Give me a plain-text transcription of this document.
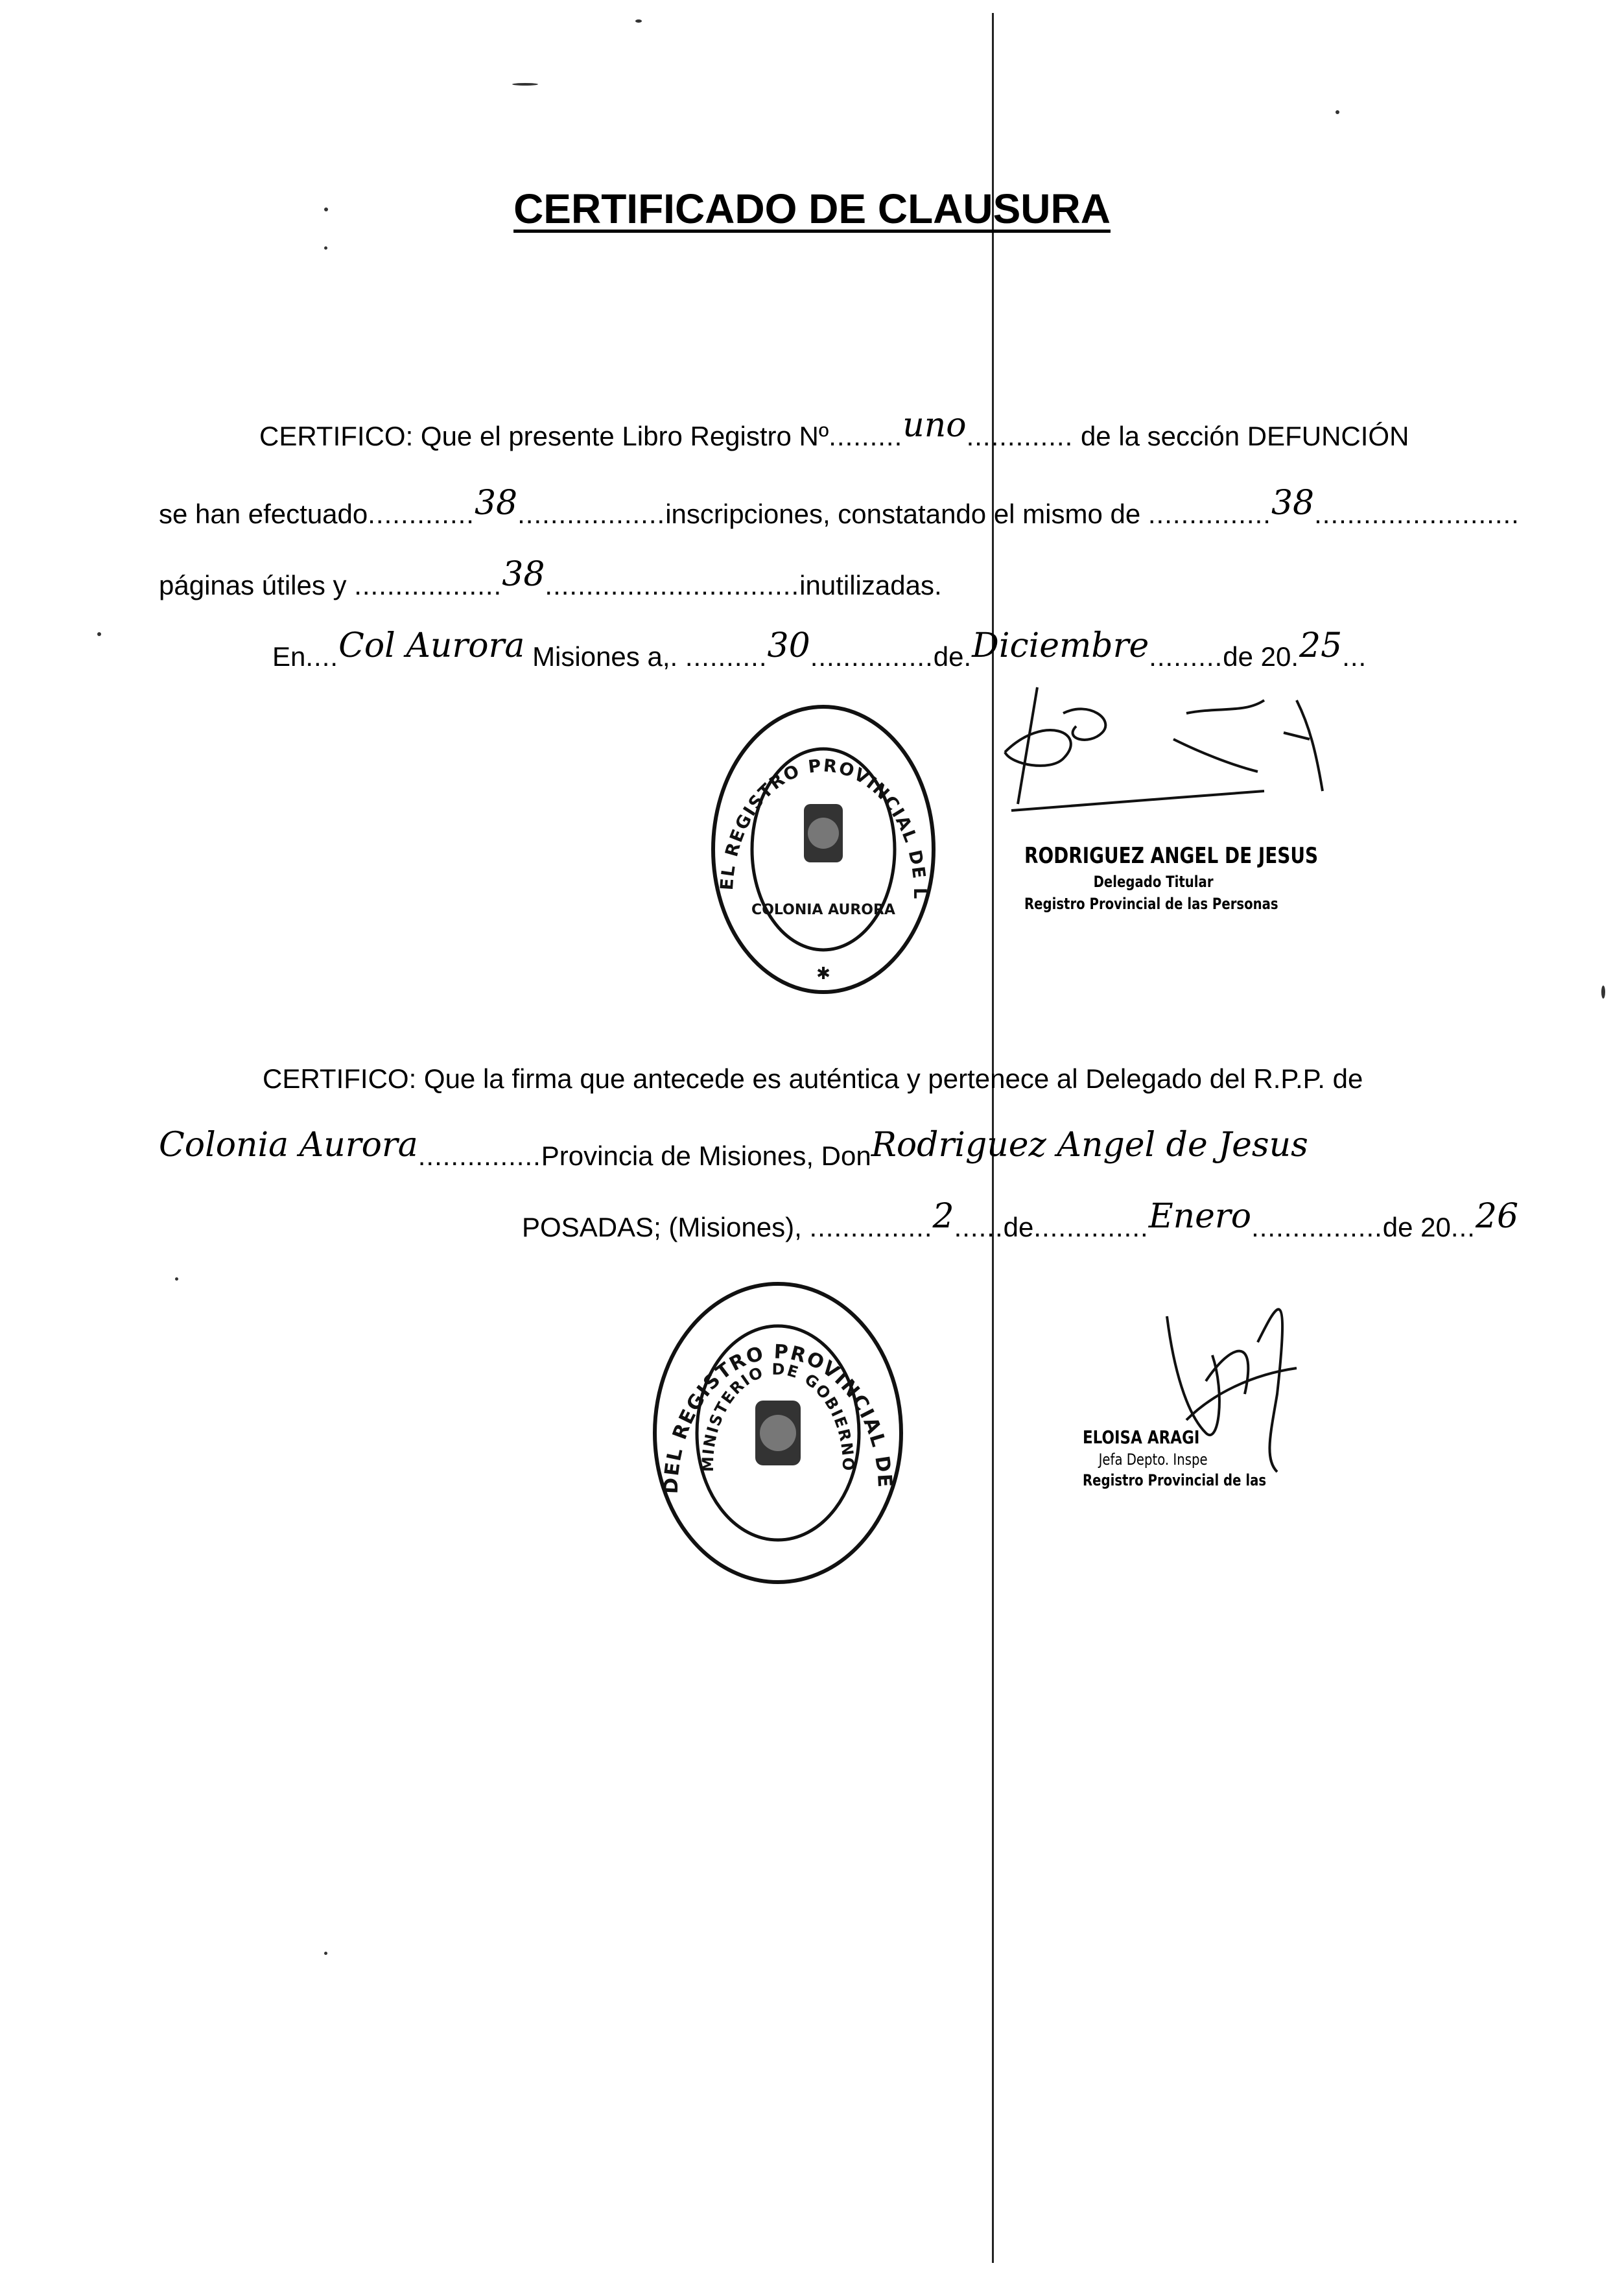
CERTIFICADO DE CLAUSURA
CERTIFICO: Que el presente Libro Registro Nº.........uno............. de la sección DEFUNCIÓN
se han efectuado.............38..................inscripciones, constatando el mismo de ...............38.........................
páginas útiles y ..................38...............................inutilizadas.
En....Col Aurora Misiones a,. ..........30...............de.Diciembre.........de 20.25...
DELEGACION DEL REGISTRO PROVINCIAL DE LAS PERSONAS
COLONIA AURORA
✱
RODRIGUEZ ANGEL DE JESUS
Delegado Titular
Registro Provincial de las Personas
CERTIFICO: Que la firma que antecede es auténtica y pertenece al Delegado del R.P.P. de
Colonia Aurora...............Provincia de Misiones, DonRodriguez Angel de Jesus
POSADAS; (Misiones), ...............2......de..............Enero................de 20...26
DIRECC. GRAL. DEL REGISTRO PROVINCIAL DE LAS PERSONAS
MINISTERIO DE GOBIERNO
ELOISA ARAGI
Jefa Depto. Inspe
Registro Provincial de las
